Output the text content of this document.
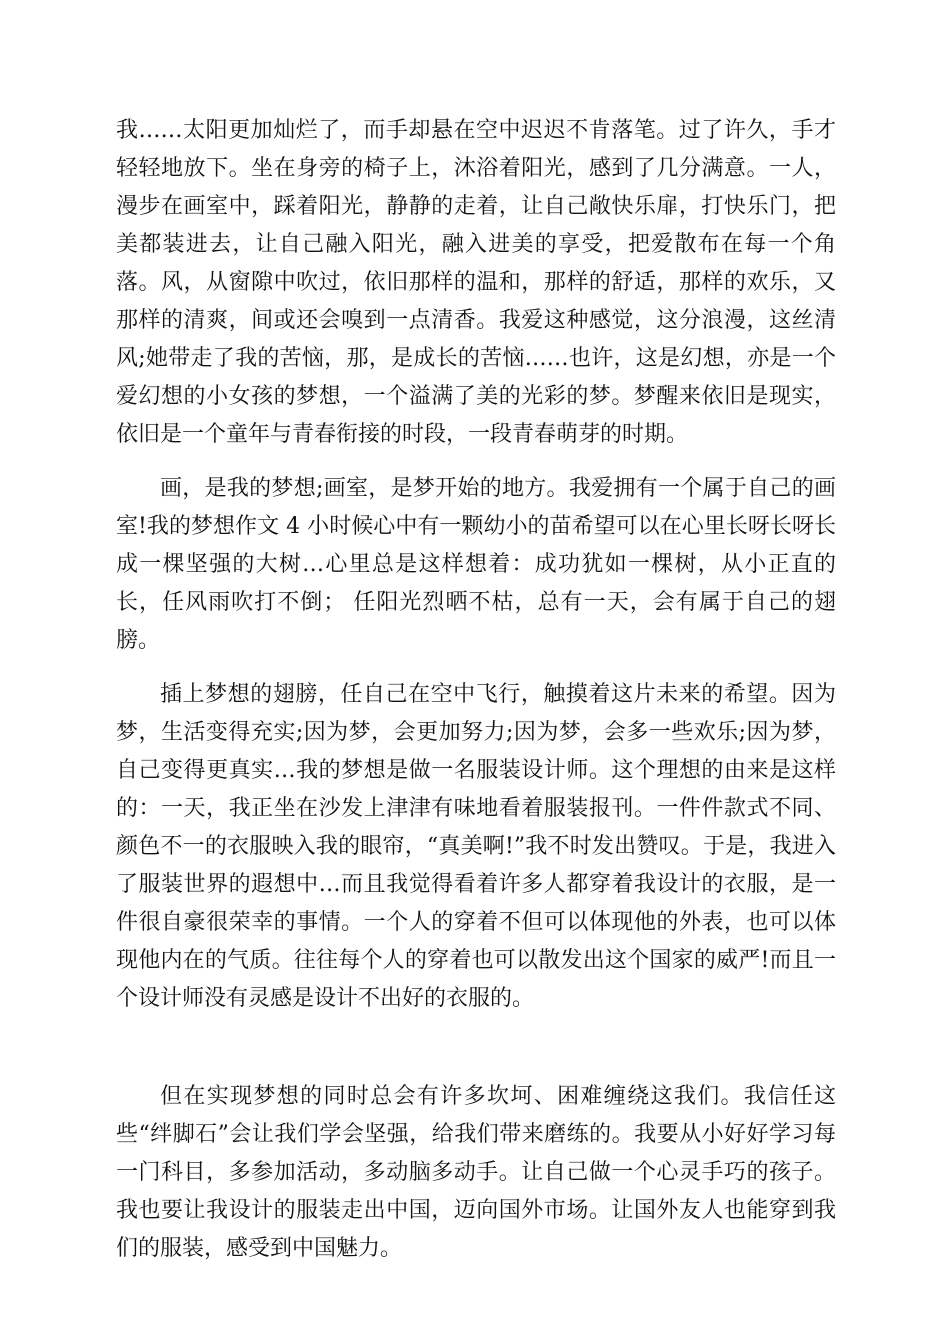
我……太阳更加灿烂了，而手却悬在空中迟迟不肯落笔。过了许久，手才轻轻地放下。坐在身旁的椅子上，沐浴着阳光，感到了几分满意。一人，漫步在画室中，踩着阳光，静静的走着，让自己敞快乐扉，打快乐门，把美都装进去，让自己融入阳光，融入进美的享受，把爱散布在每一个角落。风，从窗隙中吹过，依旧那样的温和，那样的舒适，那样的欢乐，又那样的清爽，间或还会嗅到一点清香。我爱这种感觉，这分浪漫，这丝清风;她带走了我的苦恼，那，是成长的苦恼……也许，这是幻想，亦是一个爱幻想的小女孩的梦想，一个溢满了美的光彩的梦。梦醒来依旧是现实，依旧是一个童年与青春衔接的时段，一段青春萌芽的时期。

画，是我的梦想;画室，是梦开始的地方。我爱拥有一个属于自己的画室!我的梦想作文 4 小时候心中有一颗幼小的苗希望可以在心里长呀长呀长成一棵坚强的大树…心里总是这样想着：成功犹如一棵树，从小正直的长，任风雨吹打不倒； 任阳光烈晒不枯，总有一天，会有属于自己的翅膀。

插上梦想的翅膀，任自己在空中飞行，触摸着这片未来的希望。因为梦，生活变得充实;因为梦，会更加努力;因为梦，会多一些欢乐;因为梦，自己变得更真实…我的梦想是做一名服装设计师。这个理想的由来是这样的：一天，我正坐在沙发上津津有味地看着服装报刊。一件件款式不同、颜色不一的衣服映入我的眼帘，“真美啊!”我不时发出赞叹。于是，我进入了服装世界的遐想中…而且我觉得看着许多人都穿着我设计的衣服，是一件很自豪很荣幸的事情。一个人的穿着不但可以体现他的外表，也可以体现他内在的气质。往往每个人的穿着也可以散发出这个国家的威严!而且一个设计师没有灵感是设计不出好的衣服的。

但在实现梦想的同时总会有许多坎坷、困难缠绕这我们。我信任这些“绊脚石”会让我们学会坚强，给我们带来磨练的。我要从小好好学习每一门科目，多参加活动，多动脑多动手。让自己做一个心灵手巧的孩子。我也要让我设计的服装走出中国，迈向国外市场。让国外友人也能穿到我们的服装，感受到中国魅力。
